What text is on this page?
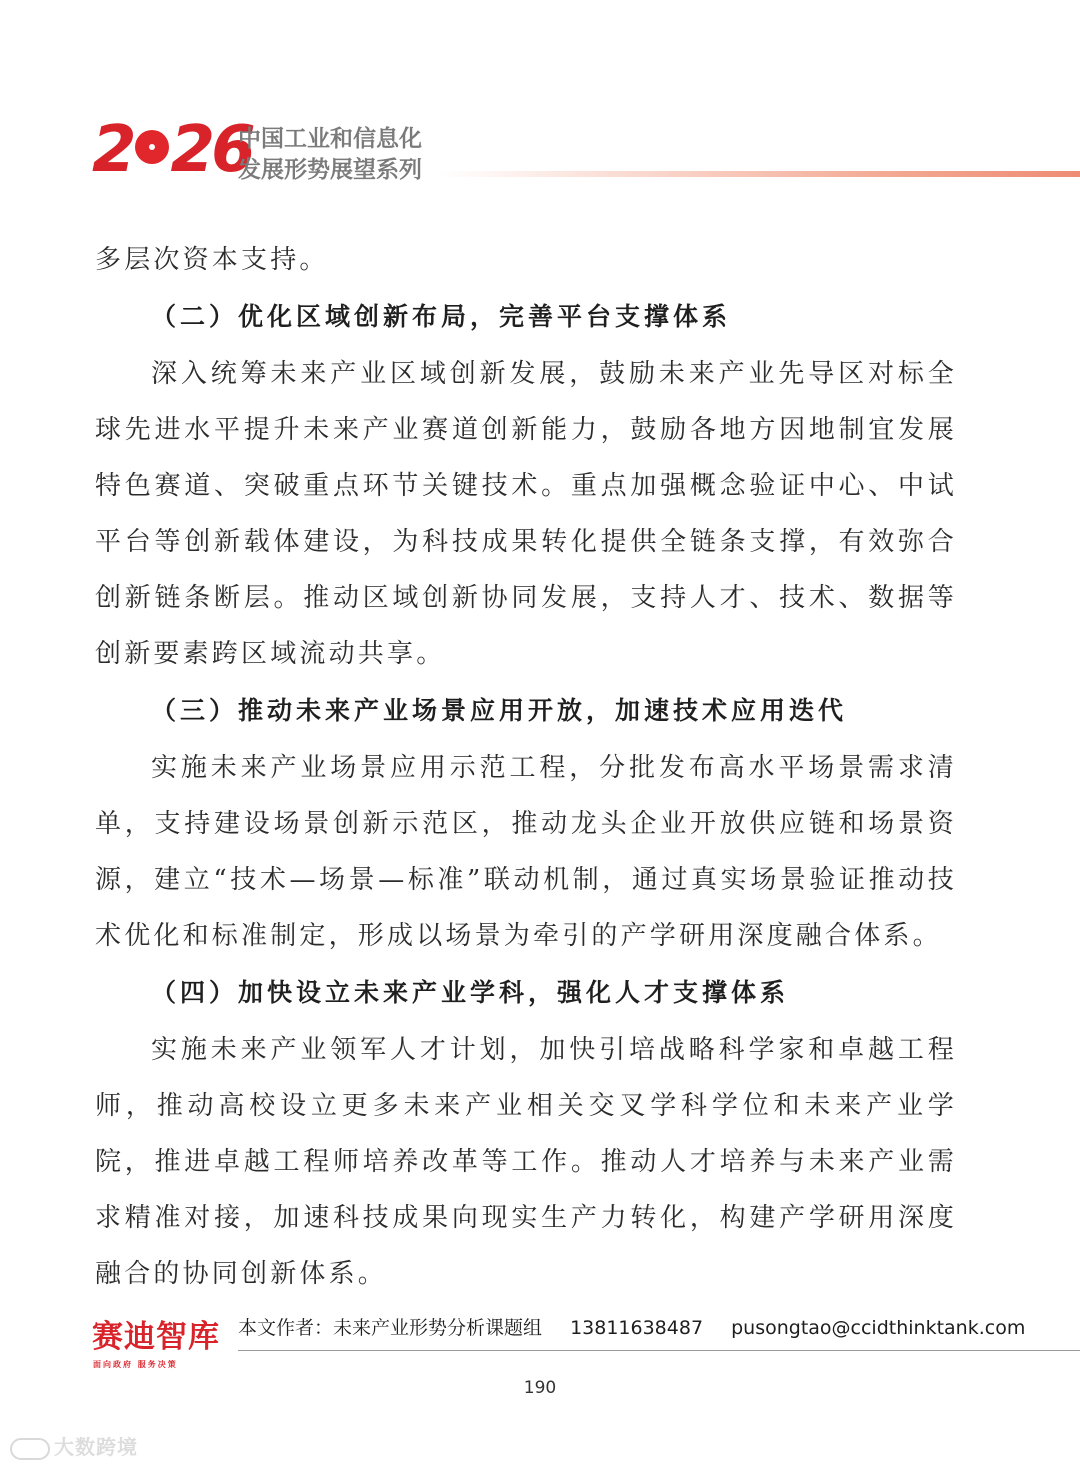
2 26
中国工业和信息化
发展形势展望系列

多层次资本支持。

（二）优化区域创新布局，完善平台支撑体系

深入统筹未来产业区域创新发展，鼓励未来产业先导区对标全球先进水平提升未来产业赛道创新能力，鼓励各地方因地制宜发展特色赛道、突破重点环节关键技术。重点加强概念验证中心、中试平台等创新载体建设，为科技成果转化提供全链条支撑，有效弥合创新链条断层。推动区域创新协同发展，支持人才、技术、数据等创新要素跨区域流动共享。

（三）推动未来产业场景应用开放，加速技术应用迭代

实施未来产业场景应用示范工程，分批发布高水平场景需求清单，支持建设场景创新示范区，推动龙头企业开放供应链和场景资源，建立“技术—场景—标准”联动机制，通过真实场景验证推动技术优化和标准制定，形成以场景为牵引的产学研用深度融合体系。

（四）加快设立未来产业学科，强化人才支撑体系

实施未来产业领军人才计划，加快引培战略科学家和卓越工程师，推动高校设立更多未来产业相关交叉学科学位和未来产业学院，推进卓越工程师培养改革等工作。推动人才培养与未来产业需求精准对接，加速科技成果向现实生产力转化，构建产学研用深度融合的协同创新体系。

赛迪智库
面向政府 服务决策
本文作者：未来产业形势分析课题组 13811638487 pusongtao@ccidthinktank.com
190
大数跨境
